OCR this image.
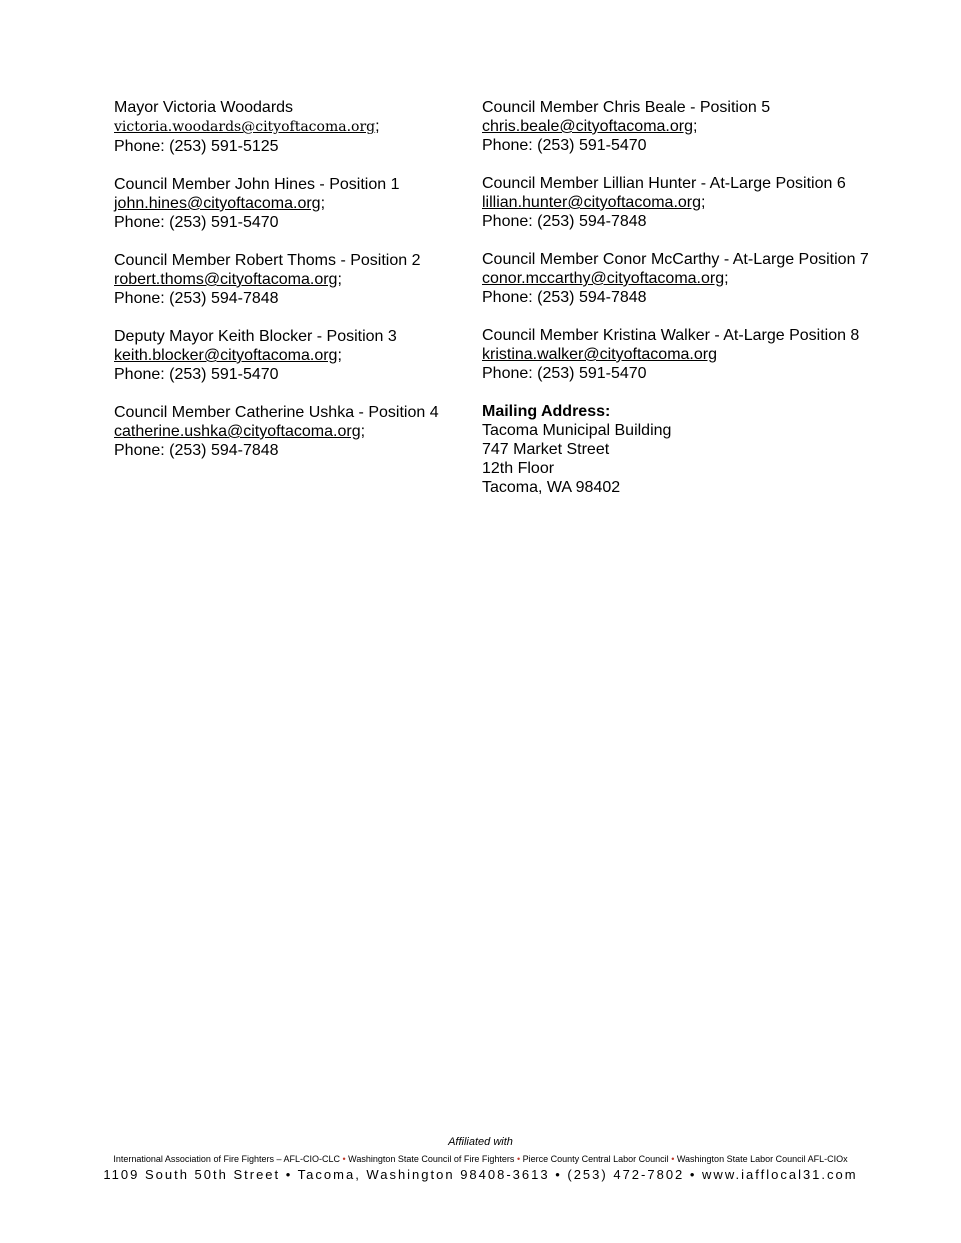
Mayor Victoria Woodards
victoria.woodards@cityoftacoma.org;
Phone: (253) 591-5125
Council Member John Hines - Position 1
john.hines@cityoftacoma.org;
Phone: (253) 591-5470
Council Member Robert Thoms - Position 2
robert.thoms@cityoftacoma.org;
Phone: (253) 594-7848
Deputy Mayor Keith Blocker - Position 3
keith.blocker@cityoftacoma.org;
Phone: (253) 591-5470
Council Member Catherine Ushka - Position 4
catherine.ushka@cityoftacoma.org;
Phone: (253) 594-7848
Council Member Chris Beale - Position 5
chris.beale@cityoftacoma.org;
Phone: (253) 591-5470
Council Member Lillian Hunter - At-Large Position 6
lillian.hunter@cityoftacoma.org;
Phone: (253) 594-7848
Council Member Conor McCarthy - At-Large Position 7
conor.mccarthy@cityoftacoma.org;
Phone: (253) 594-7848
Council Member Kristina Walker - At-Large Position 8
kristina.walker@cityoftacoma.org
Phone: (253) 591-5470
Mailing Address:
Tacoma Municipal Building
747 Market Street
12th Floor
Tacoma, WA 98402
Affiliated with
International Association of Fire Fighters – AFL-CIO-CLC • Washington State Council of Fire Fighters • Pierce County Central Labor Council • Washington State Labor Council AFL-CIOx
1109 South 50th Street • Tacoma, Washington 98408-3613 • (253) 472-7802 • www.iafflocal31.com
